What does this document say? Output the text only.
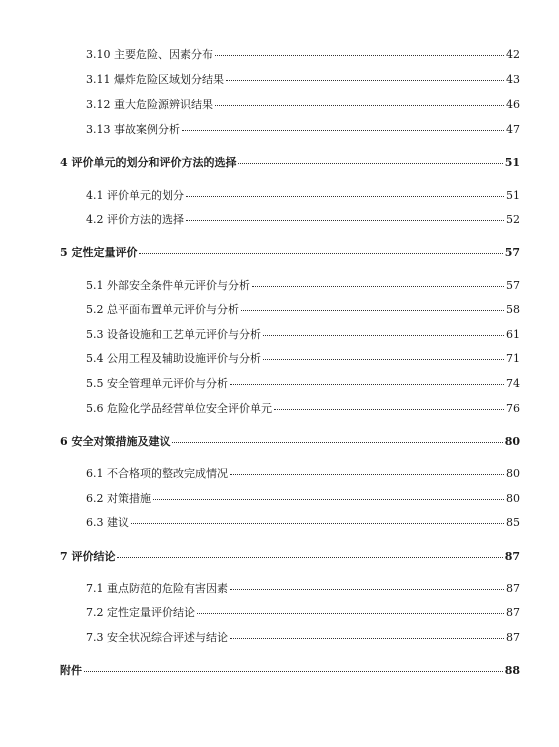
3.10 主要危险、因素分布	42
3.11 爆炸危险区域划分结果	43
3.12 重大危险源辨识结果	46
3.13 事故案例分析	47
4 评价单元的划分和评价方法的选择	51
4.1 评价单元的划分	51
4.2 评价方法的选择	52
5 定性定量评价	57
5.1 外部安全条件单元评价与分析	57
5.2 总平面布置单元评价与分析	58
5.3 设备设施和工艺单元评价与分析	61
5.4 公用工程及辅助设施评价与分析	71
5.5 安全管理单元评价与分析	74
5.6 危险化学品经营单位安全评价单元	76
6 安全对策措施及建议	80
6.1 不合格项的整改完成情况	80
6.2 对策措施	80
6.3 建议	85
7 评价结论	87
7.1 重点防范的危险有害因素	87
7.2 定性定量评价结论	87
7.3 安全状况综合评述与结论	87
附件	88
